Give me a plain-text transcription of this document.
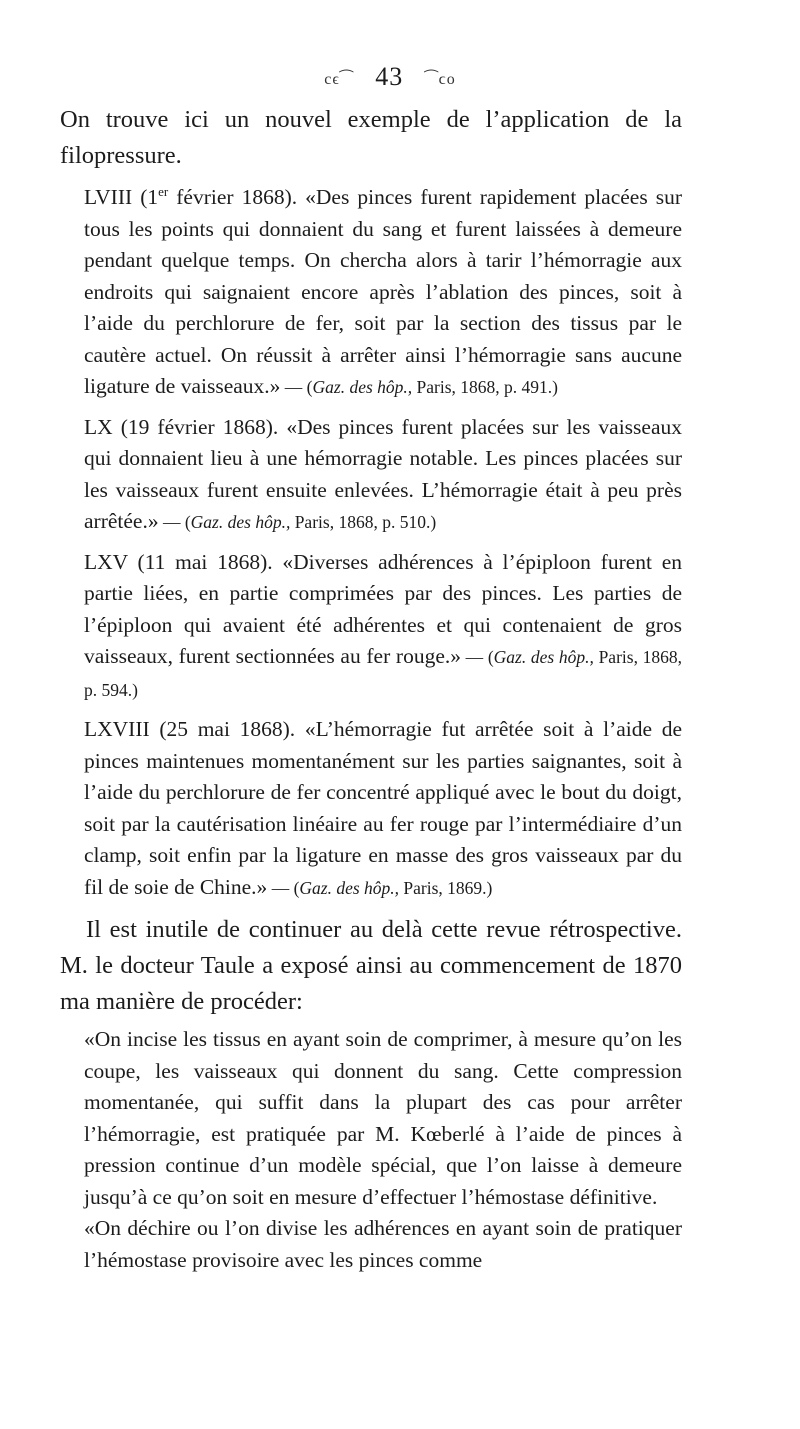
cϵ⁀ 43 ⁀ϲo

On trouve ici un nouvel exemple de l’application de la filopressure.

LVIII (1er février 1868). «Des pinces furent rapidement placées sur tous les points qui donnaient du sang et furent laissées à demeure pendant quelque temps. On chercha alors à tarir l’hémorragie aux endroits qui saignaient encore après l’ablation des pinces, soit à l’aide du perchlorure de fer, soit par la section des tissus par le cautère actuel. On réussit à arrêter ainsi l’hémorragie sans aucune ligature de vaisseaux.» — (Gaz. des hôp., Paris, 1868, p. 491.)

LX (19 février 1868). «Des pinces furent placées sur les vaisseaux qui donnaient lieu à une hémorragie notable. Les pinces placées sur les vaisseaux furent ensuite enlevées. L’hémorragie était à peu près arrêtée.» — (Gaz. des hôp., Paris, 1868, p. 510.)

LXV (11 mai 1868). «Diverses adhérences à l’épiploon furent en partie liées, en partie comprimées par des pinces. Les parties de l’épiploon qui avaient été adhérentes et qui contenaient de gros vaisseaux, furent sectionnées au fer rouge.» — (Gaz. des hôp., Paris, 1868, p. 594.)

LXVIII (25 mai 1868). «L’hémorragie fut arrêtée soit à l’aide de pinces maintenues momentanément sur les parties saignantes, soit à l’aide du perchlorure de fer concentré appliqué avec le bout du doigt, soit par la cautérisation linéaire au fer rouge par l’intermédiaire d’un clamp, soit enfin par la ligature en masse des gros vaisseaux par du fil de soie de Chine.» — (Gaz. des hôp., Paris, 1869.)

Il est inutile de continuer au delà cette revue rétrospective. M. le docteur Taule a exposé ainsi au commencement de 1870 ma manière de procéder:

«On incise les tissus en ayant soin de comprimer, à mesure qu’on les coupe, les vaisseaux qui donnent du sang. Cette compression momentanée, qui suffit dans la plupart des cas pour arrêter l’hémorragie, est pratiquée par M. Kœberlé à l’aide de pinces à pression continue d’un modèle spécial, que l’on laisse à demeure jusqu’à ce qu’on soit en mesure d’effectuer l’hémostase définitive.

«On déchire ou l’on divise les adhérences en ayant soin de pratiquer l’hémostase provisoire avec les pinces comme
